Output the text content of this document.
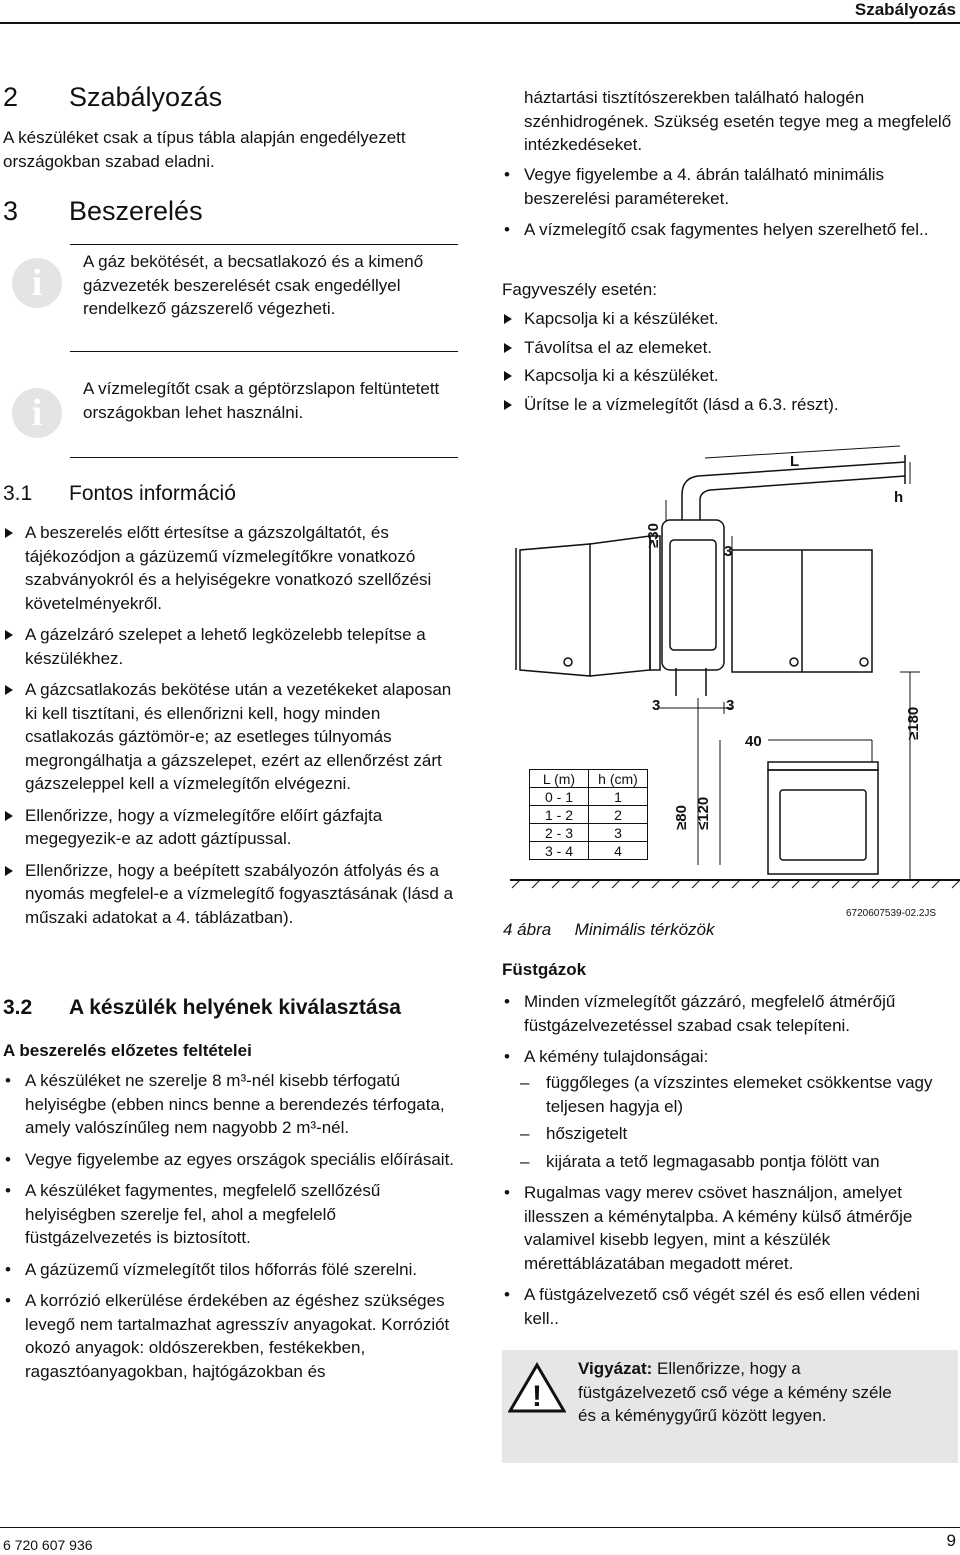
Szabályozás
2 Szabályozás
A készüléket csak a típus tábla alapján engedélyezett országokban szabad eladni.
3 Beszerelés
i
A gáz bekötését, a becsatlakozó és a kimenő gázvezeték beszerelését csak engedéllyel rendelkező gázszerelő végezheti.
i
A vízmelegítőt csak a géptörzslapon feltüntetett országokban lehet használni.
3.1 Fontos információ
A beszerelés előtt értesítse a gázszolgáltatót, és tájékozódjon a gázüzemű vízmelegítőkre vonatkozó szabványokról és a helyiségekre vonatkozó szellőzési követelményekről.
A gázelzáró szelepet a lehető legközelebb telepítse a készülékhez.
A gázcsatlakozás bekötése után a vezetékeket alaposan ki kell tisztítani, és ellenőrizni kell, hogy minden csatlakozás gáztömör-e; az esetleges túlnyomás megrongálhatja a gázszelepet, ezért az ellenőrzést zárt gázszeleppel kell a vízmelegítőn elvégezni.
Ellenőrizze, hogy a vízmelegítőre előírt gázfajta megegyezik-e az adott gáztípussal.
Ellenőrizze, hogy a beépített szabályozón átfolyás és a nyomás megfelel-e a vízmelegítő fogyasztásának (lásd a műszaki adatokat a 4. táblázatban).
3.2 A készülék helyének kiválasztása
A beszerelés előzetes feltételei
• A készüléket ne szerelje 8 m³-nél kisebb térfogatú helyiségbe (ebben nincs benne a berendezés térfogata, amely valószínűleg nem nagyobb 2 m³-nél.
• Vegye figyelembe az egyes országok speciális előírásait.
• A készüléket fagymentes, megfelelő szellőzésű helyiségben szerelje fel, ahol a megfelelő füstgázelvezetés is biztosított.
• A gázüzemű vízmelegítőt tilos hőforrás fölé szerelni.
• A korrózió elkerülése érdekében az égéshez szükséges levegő nem tartalmazhat agresszív anyagokat. Korróziót okozó anyagok: oldószerekben, festékekben, ragasztóanyagokban, hajtógázokban és
háztartási tisztítószerekben található halogén szénhidrogének. Szükség esetén tegye meg a megfelelő intézkedéseket.
• Vegye figyelembe a 4. ábrán található minimális beszerelési paramétereket.
• A vízmelegítő csak fagymentes helyen szerelhető fel..
Fagyveszély esetén:
Kapcsolja ki a készüléket.
Távolítsa el az elemeket.
Kapcsolja ki a készüléket.
Ürítse le a vízmelegítőt (lásd a 6.3. részt).
L
h
≥30
3
3	3
40
≥180
≥80 ≤120
6720607539-02.2JS
L (m)	h (cm)
0 - 1	1
1 - 2	2
2 - 3	3
3 - 4	4
4 ábra Minimális térközök
Füstgázok
• Minden vízmelegítőt gázzáró, megfelelő átmérőjű füstgázelvezetéssel szabad csak telepíteni.
• A kémény tulajdonságai:
– függőleges (a vízszintes elemeket csökkentse vagy teljesen hagyja el)
– hőszigetelt
– kijárata a tető legmagasabb pontja fölött van
• Rugalmas vagy merev csövet használjon, amelyet illesszen a kéménytalpba. A kémény külső átmérője valamivel kisebb legyen, mint a készülék mérettáblázatában megadott méret.
• A füstgázelvezető cső végét szél és eső ellen védeni kell..
!
Vigyázat: Ellenőrizze, hogy a füstgázelvezető cső vége a kémény széle és a kéménygyűrű között legyen.
6 720 607 936	9
